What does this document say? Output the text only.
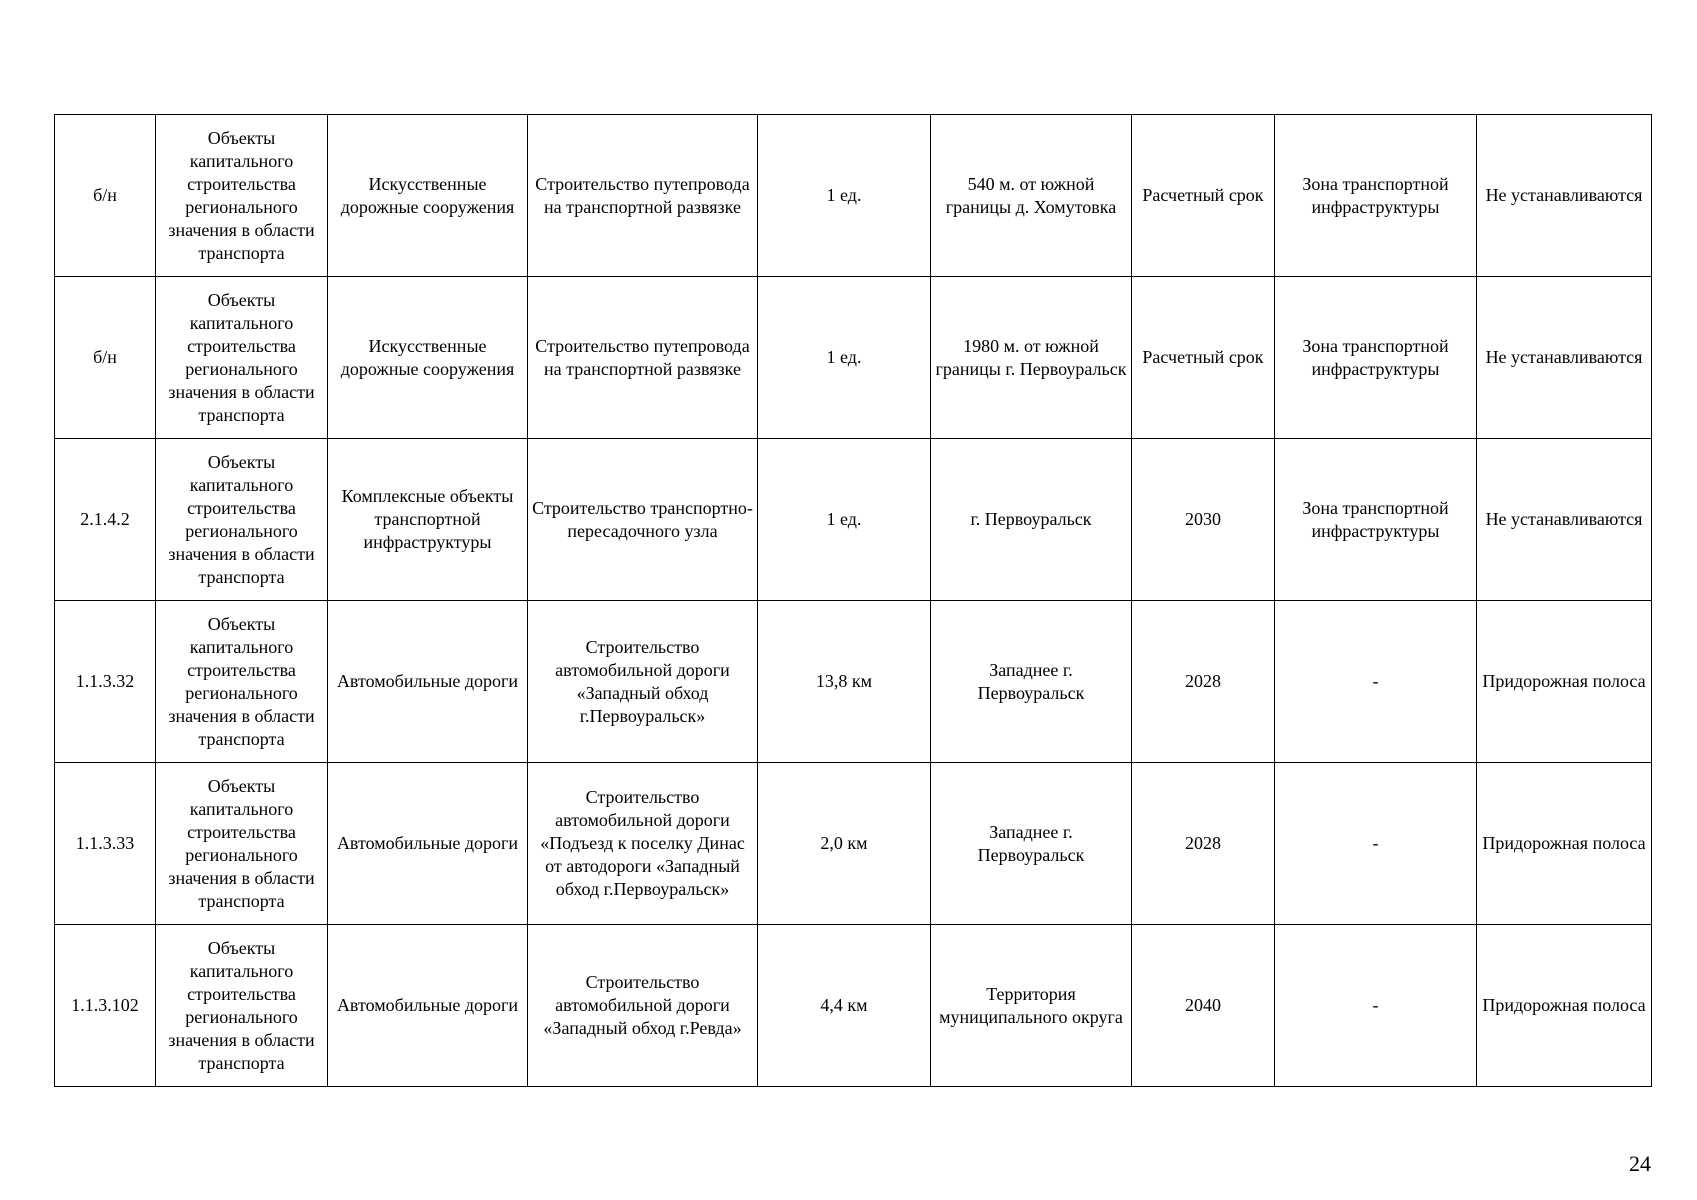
б/н	Объекты капитального строительства регионального значения в области транспорта	Искусственные дорожные сооружения	Строительство путепровода на транспортной развязке	1 ед.	540 м. от южной границы д. Хомутовка	Расчетный срок	Зона транспортной инфраструктуры	Не устанавливаются
б/н	Объекты капитального строительства регионального значения в области транспорта	Искусственные дорожные сооружения	Строительство путепровода на транспортной развязке	1 ед.	1980 м. от южной границы г. Первоуральск	Расчетный срок	Зона транспортной инфраструктуры	Не устанавливаются
2.1.4.2	Объекты капитального строительства регионального значения в области транспорта	Комплексные объекты транспортной инфраструктуры	Строительство транспортно-пересадочного узла	1 ед.	г. Первоуральск	2030	Зона транспортной инфраструктуры	Не устанавливаются
1.1.3.32	Объекты капитального строительства регионального значения в области транспорта	Автомобильные дороги	Строительство автомобильной дороги «Западный обход г.Первоуральск»	13,8 км	Западнее г. Первоуральск	2028	-	Придорожная полоса
1.1.3.33	Объекты капитального строительства регионального значения в области транспорта	Автомобильные дороги	Строительство автомобильной дороги «Подъезд к поселку Динас от автодороги «Западный обход г.Первоуральск»	2,0 км	Западнее г. Первоуральск	2028	-	Придорожная полоса
1.1.3.102	Объекты капитального строительства регионального значения в области транспорта	Автомобильные дороги	Строительство автомобильной дороги «Западный обход г.Ревда»	4,4 км	Территория муниципального округа	2040	-	Придорожная полоса
24
